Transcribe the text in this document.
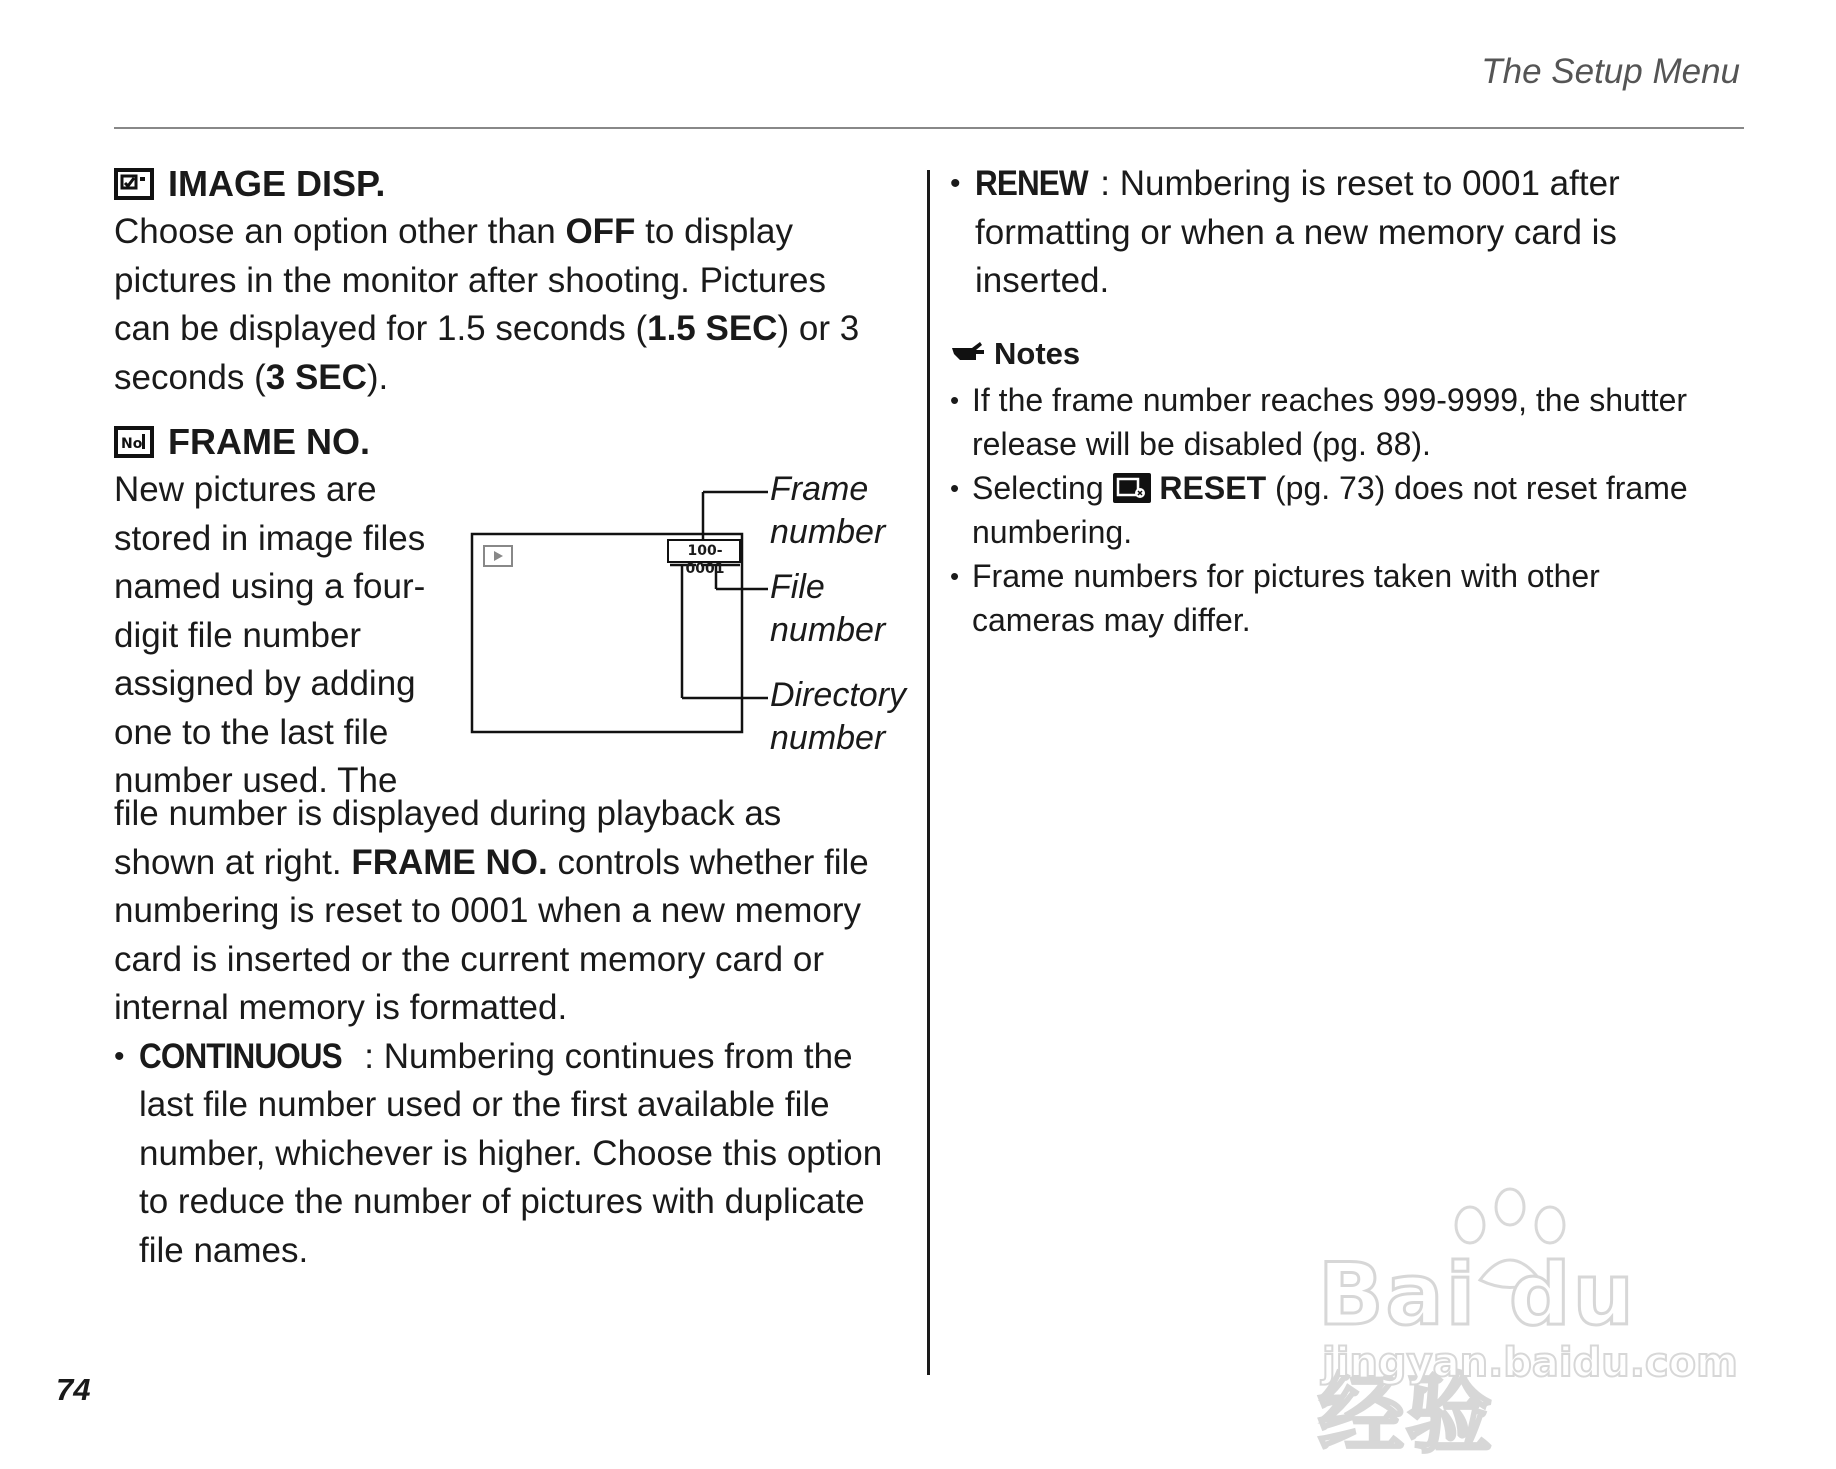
The Setup Menu
IMAGE DISP.

Choose an option other than OFF to display pictures in the monitor after shooting. Pictures can be displayed for 1.5 seconds (1.5 SEC) or 3 seconds (3 SEC).

No FRAME NO.

New pictures are stored in image files named using a four-digit file number assigned by adding one to the last file number used. The

100-0001
Frame
number
File
number
Directory
number

file number is displayed during playback as shown at right. FRAME NO. controls whether file numbering is reset to 0001 when a new memory card is inserted or the current memory card or internal memory is formatted.

• CONTINUOUS : Numbering continues from the last file number used or the first available file number, whichever is higher. Choose this option to reduce the number of pictures with duplicate file names.
• RENEW : Numbering is reset to 0001 after formatting or when a new memory card is inserted.
Notes
• If the frame number reaches 999-9999, the shutter release will be disabled (pg. 88).
• Selecting
RESET (pg. 73) does not reset frame numbering.
• Frame numbers for pictures taken with other cameras may differ.
74
Bai du 经验
jingyan.baidu.com
